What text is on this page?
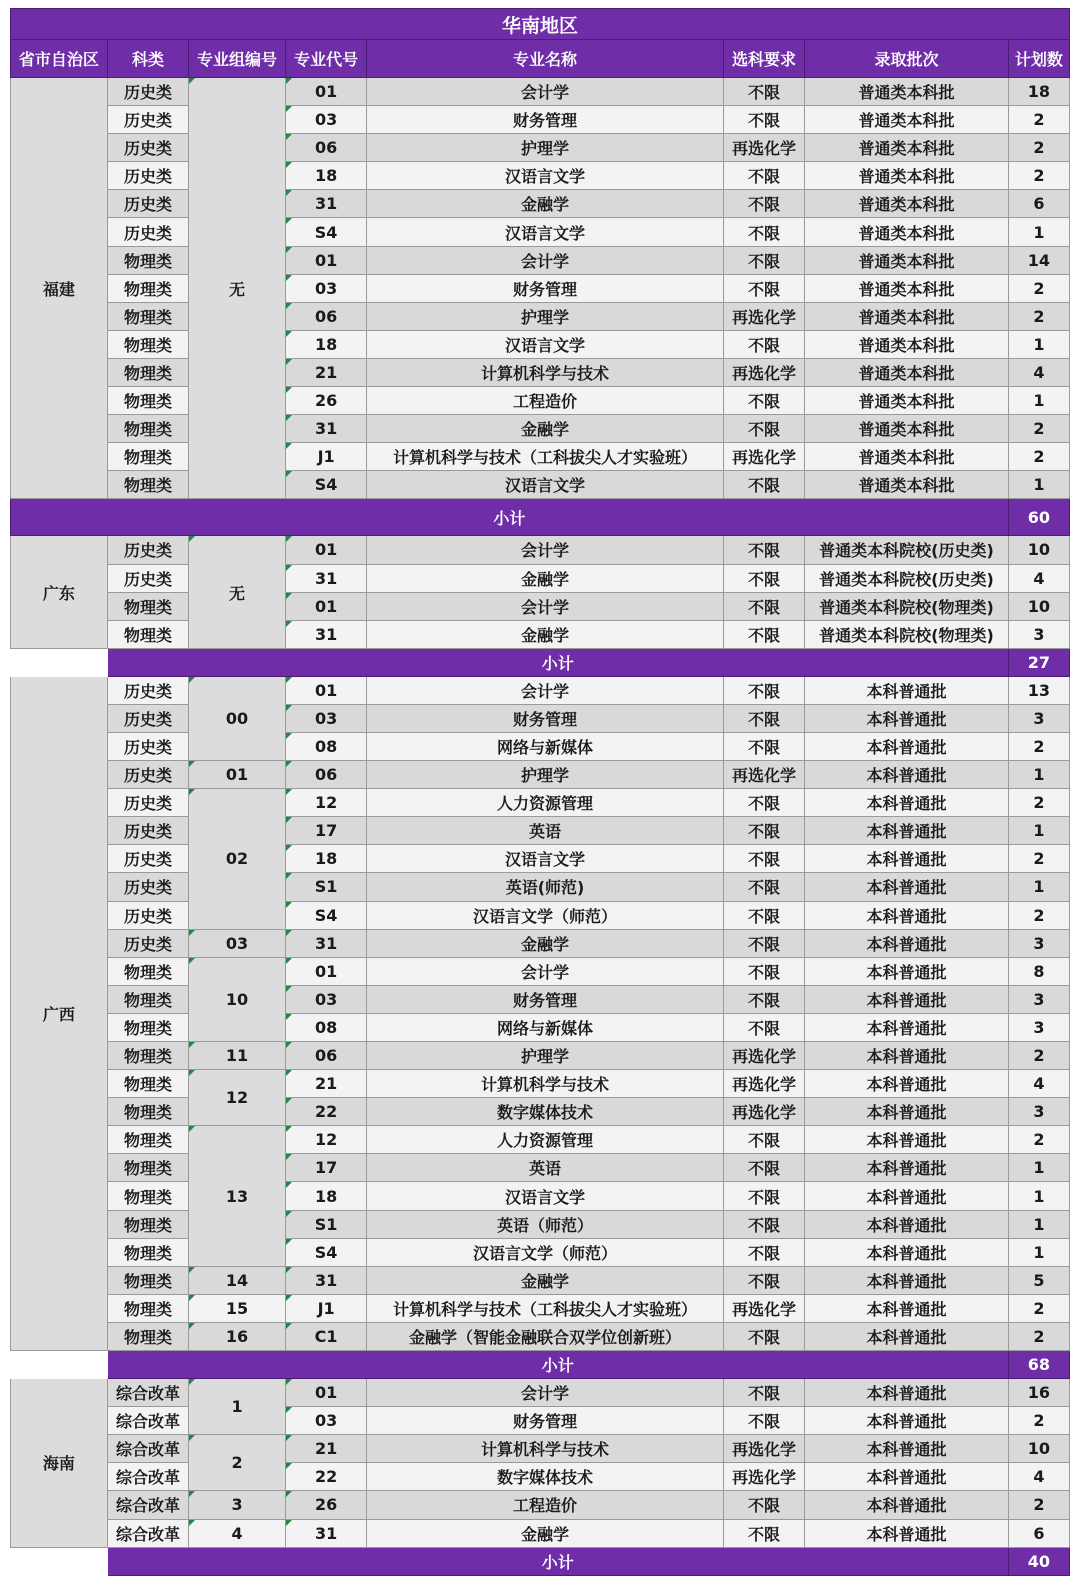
华南地区							
省市自治区	科类	专业组编号	专业代号	专业名称	选科要求	录取批次	计划数
福建	历史类	无	01	会计学	不限	普通类本科批	18
	历史类		03	财务管理	不限	普通类本科批	2
	历史类		06	护理学	再选化学	普通类本科批	2
	历史类		18	汉语言文学	不限	普通类本科批	2
	历史类		31	金融学	不限	普通类本科批	6
	历史类		S4	汉语言文学	不限	普通类本科批	1
	物理类		01	会计学	不限	普通类本科批	14
	物理类		03	财务管理	不限	普通类本科批	2
	物理类		06	护理学	再选化学	普通类本科批	2
	物理类		18	汉语言文学	不限	普通类本科批	1
	物理类		21	计算机科学与技术	再选化学	普通类本科批	4
	物理类		26	工程造价	不限	普通类本科批	1
	物理类		31	金融学	不限	普通类本科批	2
	物理类		J1	计算机科学与技术（工科拔尖人才实验班）	再选化学	普通类本科批	2
	物理类		S4	汉语言文学	不限	普通类本科批	1
小计							60
广东	历史类	无	01	会计学	不限	普通类本科院校(历史类)	10
	历史类		31	金融学	不限	普通类本科院校(历史类)	4
	物理类		01	会计学	不限	普通类本科院校(物理类)	10
	物理类		31	金融学	不限	普通类本科院校(物理类)	3
	小计						27
广西	历史类	00	01	会计学	不限	本科普通批	13
	历史类		03	财务管理	不限	本科普通批	3
	历史类		08	网络与新媒体	不限	本科普通批	2
	历史类	01	06	护理学	再选化学	本科普通批	1
	历史类	02	12	人力资源管理	不限	本科普通批	2
	历史类		17	英语	不限	本科普通批	1
	历史类		18	汉语言文学	不限	本科普通批	2
	历史类		S1	英语(师范)	不限	本科普通批	1
	历史类		S4	汉语言文学（师范）	不限	本科普通批	2
	历史类	03	31	金融学	不限	本科普通批	3
	物理类	10	01	会计学	不限	本科普通批	8
	物理类		03	财务管理	不限	本科普通批	3
	物理类		08	网络与新媒体	不限	本科普通批	3
	物理类	11	06	护理学	再选化学	本科普通批	2
	物理类	12	21	计算机科学与技术	再选化学	本科普通批	4
	物理类		22	数字媒体技术	再选化学	本科普通批	3
	物理类	13	12	人力资源管理	不限	本科普通批	2
	物理类		17	英语	不限	本科普通批	1
	物理类		18	汉语言文学	不限	本科普通批	1
	物理类		S1	英语（师范）	不限	本科普通批	1
	物理类		S4	汉语言文学（师范）	不限	本科普通批	1
	物理类	14	31	金融学	不限	本科普通批	5
	物理类	15	J1	计算机科学与技术（工科拔尖人才实验班）	再选化学	本科普通批	2
	物理类	16	C1	金融学（智能金融联合双学位创新班）	不限	本科普通批	2
	小计						68
海南	综合改革	1	01	会计学	不限	本科普通批	16
	综合改革		03	财务管理	不限	本科普通批	2
	综合改革	2	21	计算机科学与技术	再选化学	本科普通批	10
	综合改革		22	数字媒体技术	再选化学	本科普通批	4
	综合改革	3	26	工程造价	不限	本科普通批	2
	综合改革	4	31	金融学	不限	本科普通批	6
	小计						40
